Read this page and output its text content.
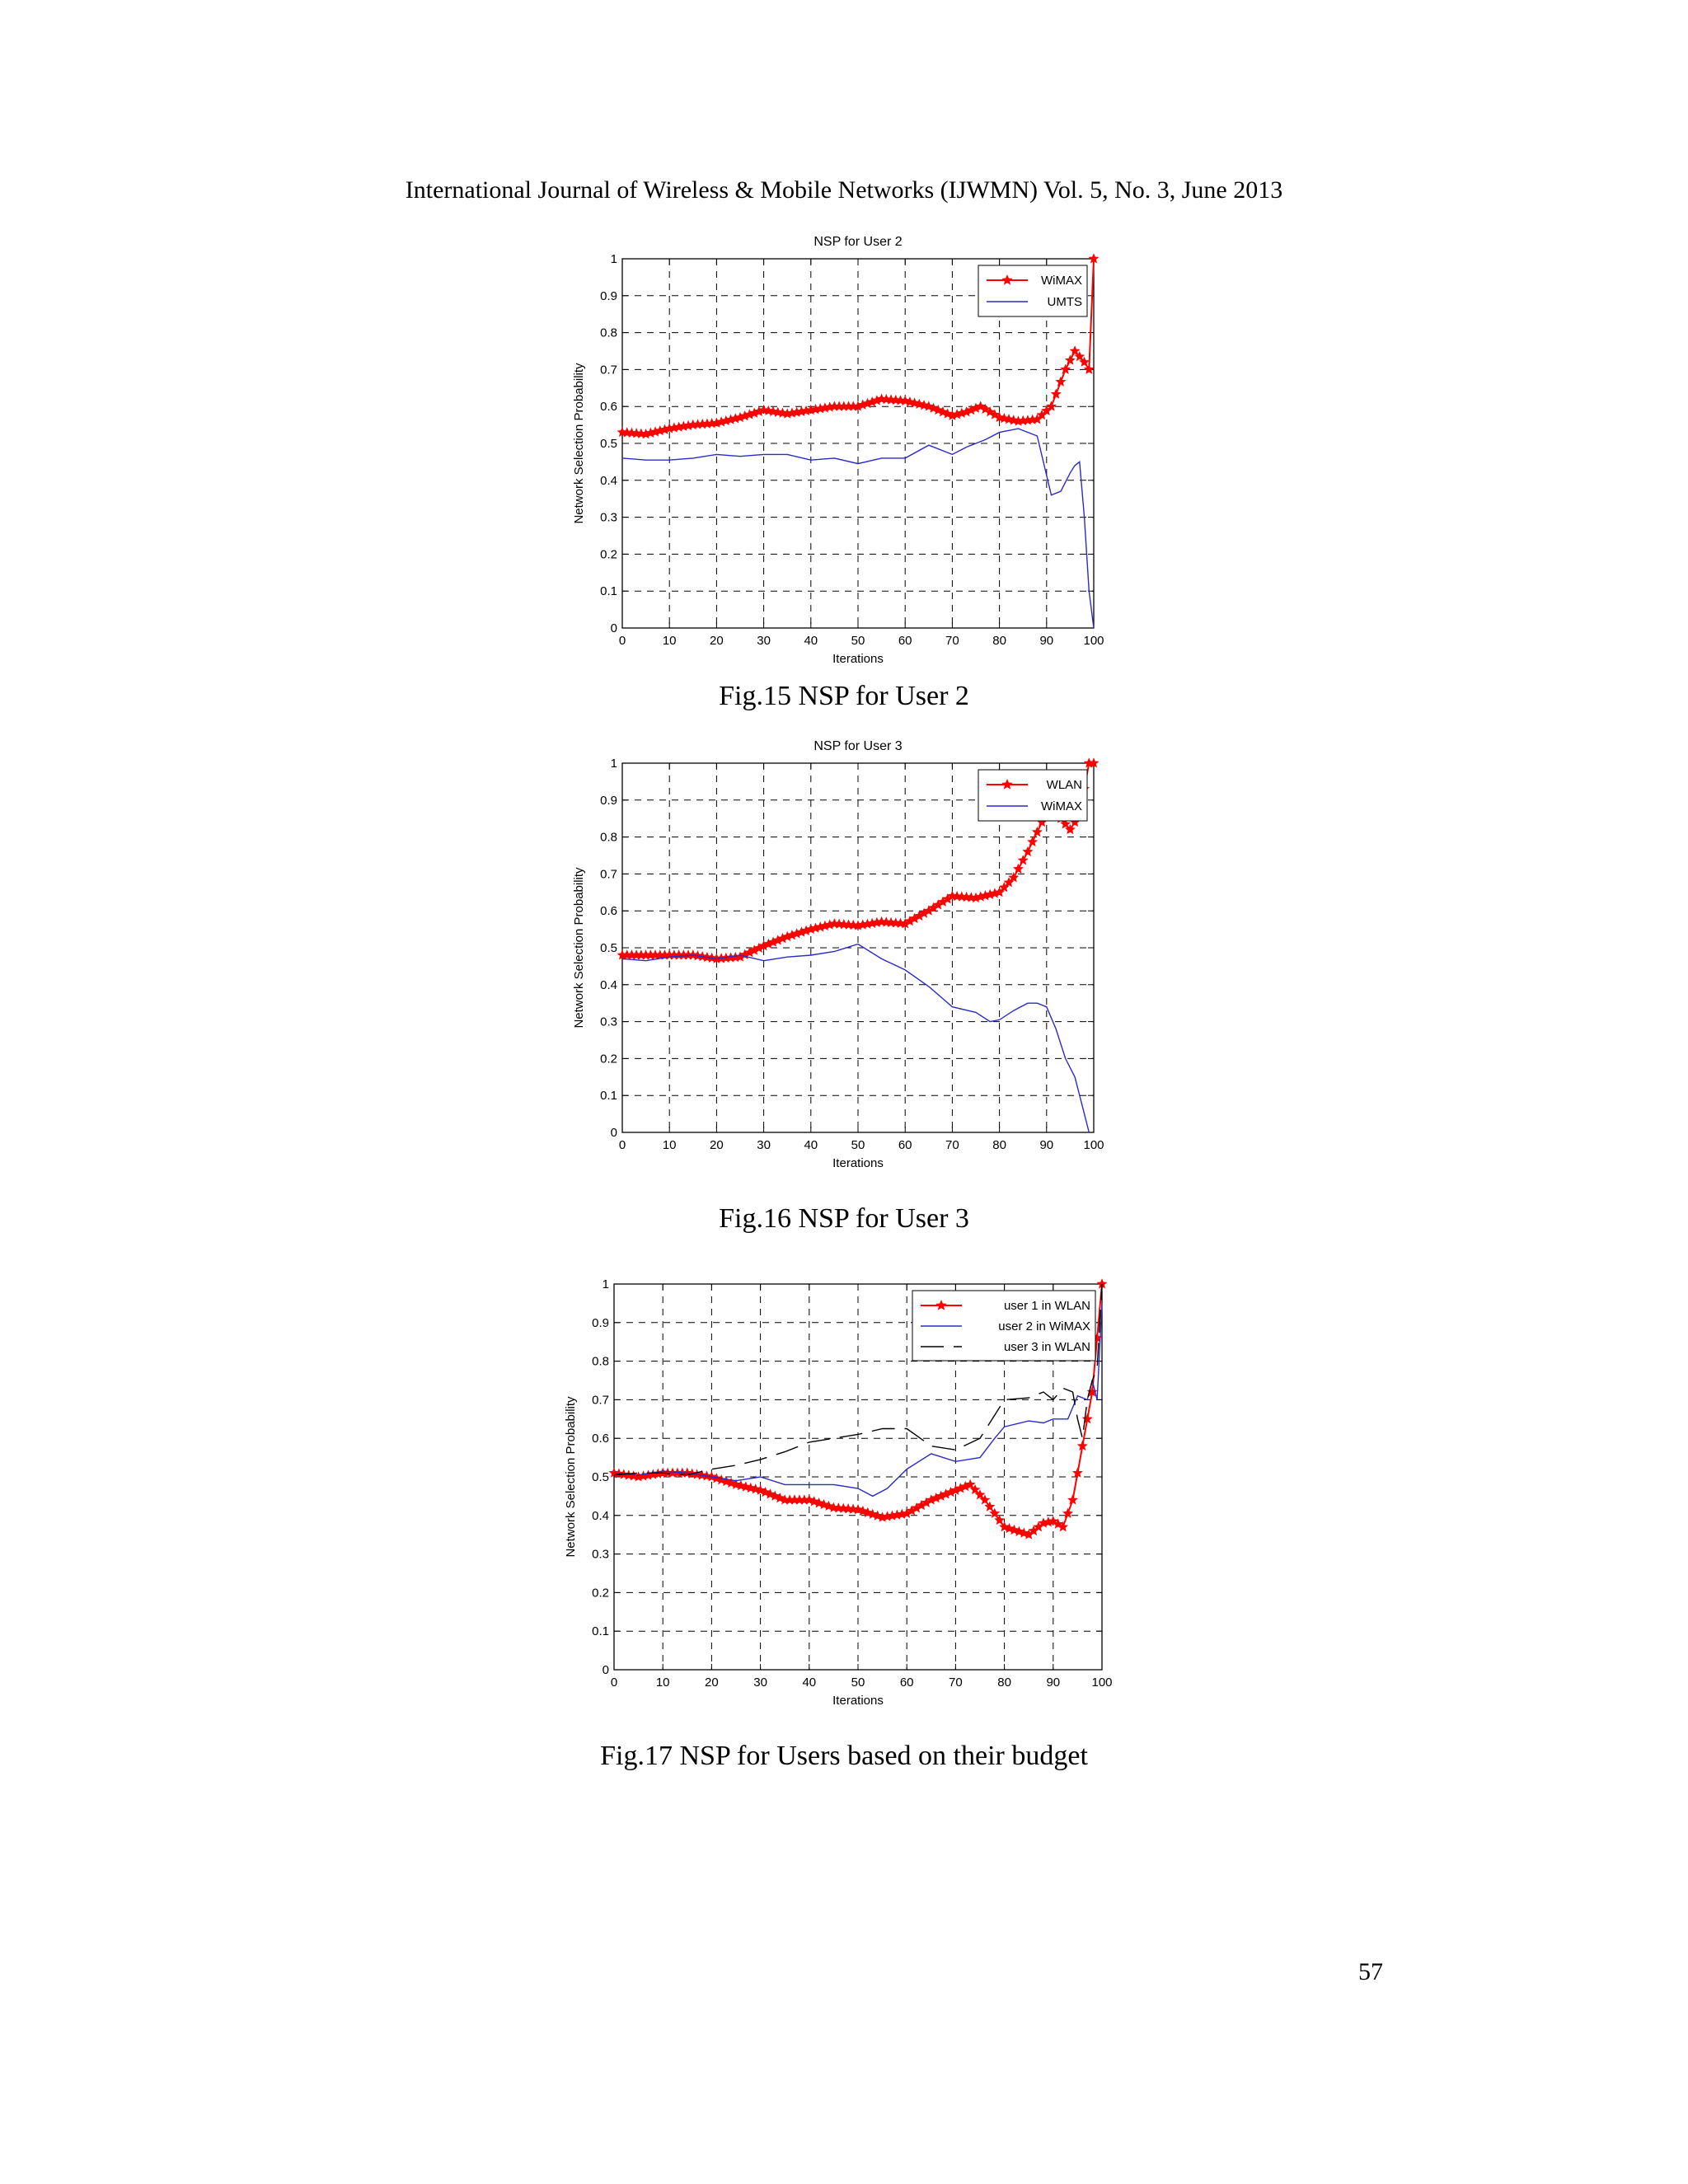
International Journal of Wireless & Mobile Networks (IJWMN) Vol. 5, No. 3, June 2013
0	10	20	30	40	50	60	70	80	90 100
0
0.1
0.2
0.3
0.4
0.5
0.6
0.7
0.8
0.9
1
NSP for User 2
Iterations
Network Selection Probability
WiMAX
UMTS
Fig.15 NSP for User 2
0	10	20	30	40	50	60	70	80	90 100
0
0.1
0.2
0.3
0.4
0.5
0.6
0.7
0.8
0.9
1
NSP for User 3
Iterations
Network Selection Probability
WLAN
WiMAX
Fig.16 NSP for User 3
0	10	20	30	40	50	60	70	80	90	100
0
0.1
0.2
0.3
0.4
0.5
0.6
0.7
0.8
0.9
1
Iterations
Network Selection Probability
user 1 in WLAN
user 2 in WiMAX
user 3 in WLAN
Fig.17 NSP for Users based on their budget
57
